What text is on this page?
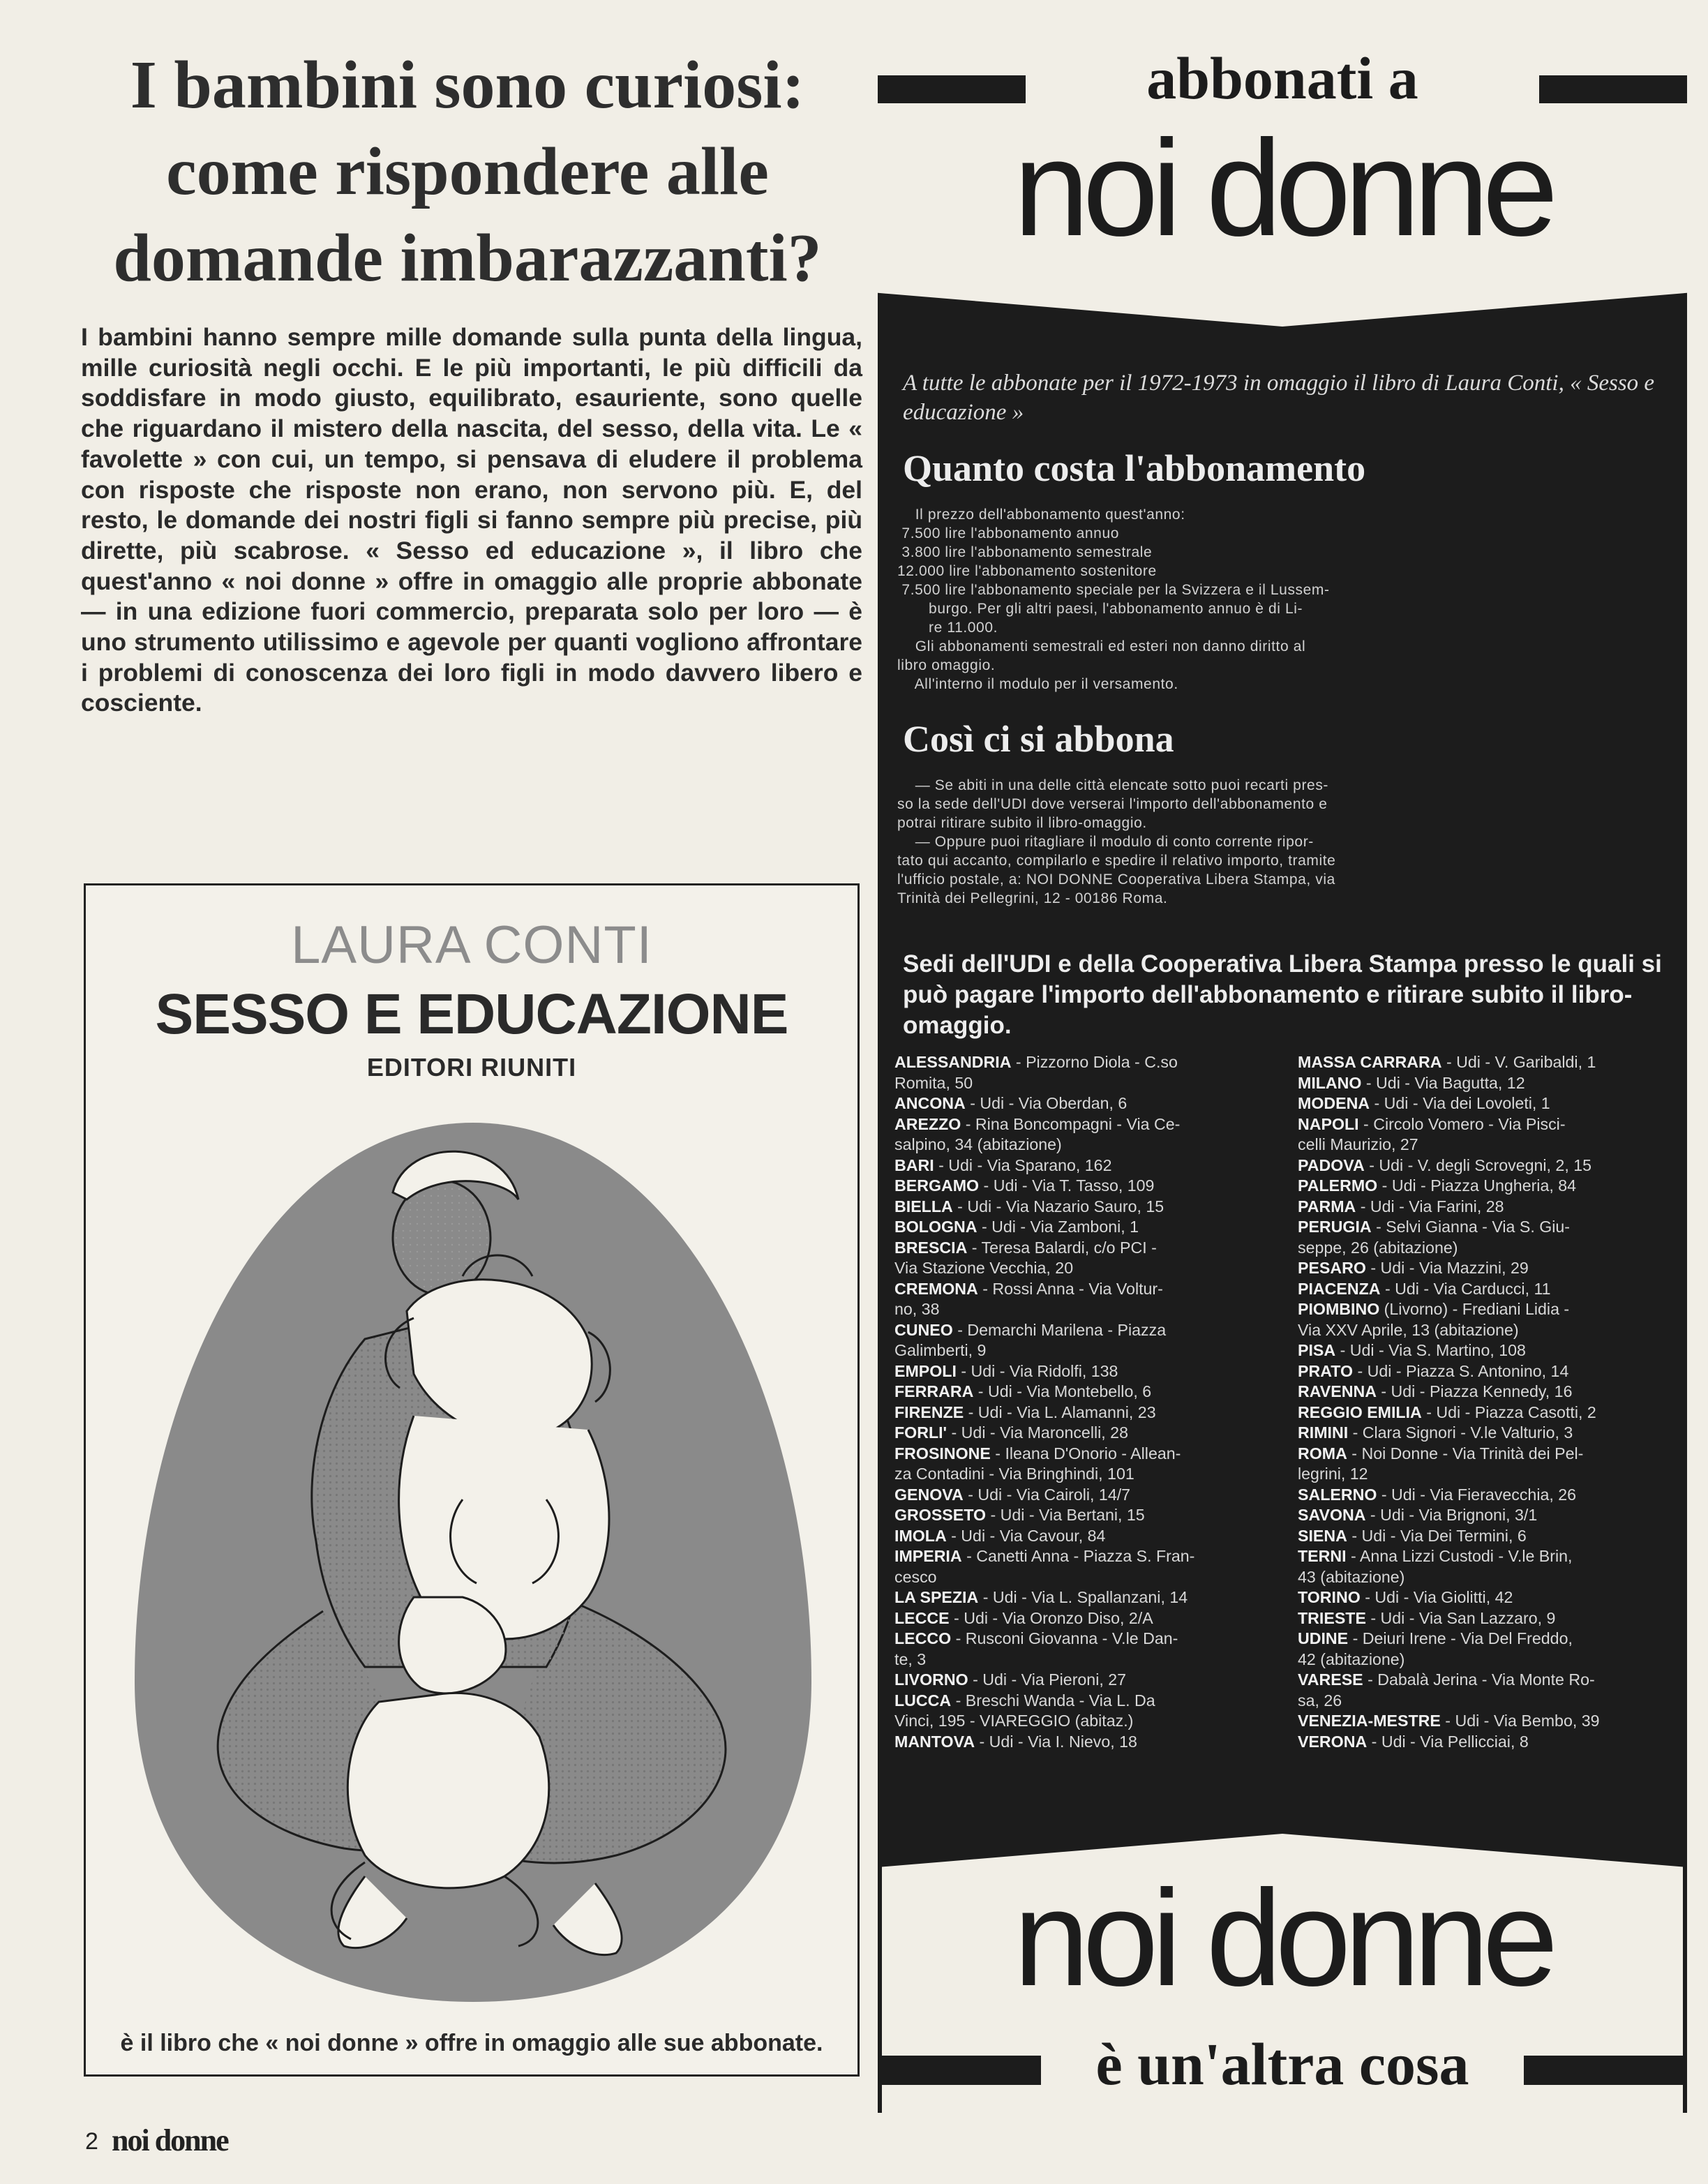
I bambini sono curiosi:
come rispondere alle
domande imbarazzanti?

I bambini hanno sempre mille domande sulla punta della lingua, mille curiosità negli occhi. E le più importanti, le più difficili da soddisfare in modo giusto, equilibrato, esauriente, sono quelle che riguardano il mistero della nascita, del sesso, della vita. Le « favolette » con cui, un tempo, si pensava di eludere il problema con risposte che risposte non erano, non servono più. E, del resto, le domande dei nostri figli si fanno sempre più precise, più dirette, più scabrose. « Sesso ed educazione », il libro che quest'anno « noi donne » offre in omaggio alle proprie abbonate — in una edizione fuori commercio, preparata solo per loro — è uno strumento utilissimo e agevole per quanti vogliono affrontare i problemi di conoscenza dei loro figli in modo davvero libero e cosciente.

LAURA CONTI
SESSO E EDUCAZIONE
EDITORI RIUNITI
è il libro che « noi donne » offre in omaggio alle sue abbonate.
2 noi donne
abbonati a
noi donne

A tutte le abbonate per il 1972-1973 in omaggio il libro di Laura Conti, « Sesso e educazione »

Quanto costa l'abbonamento

Il prezzo dell'abbonamento quest'anno:

7.500 lire l'abbonamento annuo

3.800 lire l'abbonamento semestrale

12.000 lire l'abbonamento sostenitore

7.500 lire l'abbonamento speciale per la Svizzera e il Lussem-

burgo. Per gli altri paesi, l'abbonamento annuo è di Li-

re 11.000.

Gli abbonamenti semestrali ed esteri non danno diritto al

libro omaggio.

All'interno il modulo per il versamento.

Così ci si abbona

— Se abiti in una delle città elencate sotto puoi recarti pres-

so la sede dell'UDI dove verserai l'importo dell'abbonamento e

potrai ritirare subito il libro-omaggio.

— Oppure puoi ritagliare il modulo di conto corrente ripor-

tato qui accanto, compilarlo e spedire il relativo importo, tramite

l'ufficio postale, a: NOI DONNE Cooperativa Libera Stampa, via

Trinità dei Pellegrini, 12 - 00186 Roma.

Sedi dell'UDI e della Cooperativa Libera Stampa presso le quali si può pagare l'importo dell'abbonamento e ritirare subito il libro-omaggio.

ALESSANDRIA - Pizzorno Diola - C.so

Romita, 50

ANCONA - Udi - Via Oberdan, 6

AREZZO - Rina Boncompagni - Via Ce-

salpino, 34 (abitazione)

BARI - Udi - Via Sparano, 162

BERGAMO - Udi - Via T. Tasso, 109

BIELLA - Udi - Via Nazario Sauro, 15

BOLOGNA - Udi - Via Zamboni, 1

BRESCIA - Teresa Balardi, c/o PCI -

Via Stazione Vecchia, 20

CREMONA - Rossi Anna - Via Voltur-

no, 38

CUNEO - Demarchi Marilena - Piazza

Galimberti, 9

EMPOLI - Udi - Via Ridolfi, 138

FERRARA - Udi - Via Montebello, 6

FIRENZE - Udi - Via L. Alamanni, 23

FORLI' - Udi - Via Maroncelli, 28

FROSINONE - Ileana D'Onorio - Allean-

za Contadini - Via Bringhindi, 101

GENOVA - Udi - Via Cairoli, 14/7

GROSSETO - Udi - Via Bertani, 15

IMOLA - Udi - Via Cavour, 84

IMPERIA - Canetti Anna - Piazza S. Fran-

cesco

LA SPEZIA - Udi - Via L. Spallanzani, 14

LECCE - Udi - Via Oronzo Diso, 2/A

LECCO - Rusconi Giovanna - V.le Dan-

te, 3

LIVORNO - Udi - Via Pieroni, 27

LUCCA - Breschi Wanda - Via L. Da

Vinci, 195 - VIAREGGIO (abitaz.)

MANTOVA - Udi - Via I. Nievo, 18

MASSA CARRARA - Udi - V. Garibaldi, 1

MILANO - Udi - Via Bagutta, 12

MODENA - Udi - Via dei Lovoleti, 1

NAPOLI - Circolo Vomero - Via Pisci-

celli Maurizio, 27

PADOVA - Udi - V. degli Scrovegni, 2, 15

PALERMO - Udi - Piazza Ungheria, 84

PARMA - Udi - Via Farini, 28

PERUGIA - Selvi Gianna - Via S. Giu-

seppe, 26 (abitazione)

PESARO - Udi - Via Mazzini, 29

PIACENZA - Udi - Via Carducci, 11

PIOMBINO (Livorno) - Frediani Lidia -

Via XXV Aprile, 13 (abitazione)

PISA - Udi - Via S. Martino, 108

PRATO - Udi - Piazza S. Antonino, 14

RAVENNA - Udi - Piazza Kennedy, 16

REGGIO EMILIA - Udi - Piazza Casotti, 2

RIMINI - Clara Signori - V.le Valturio, 3

ROMA - Noi Donne - Via Trinità dei Pel-

legrini, 12

SALERNO - Udi - Via Fieravecchia, 26

SAVONA - Udi - Via Brignoni, 3/1

SIENA - Udi - Via Dei Termini, 6

TERNI - Anna Lizzi Custodi - V.le Brin,

43 (abitazione)

TORINO - Udi - Via Giolitti, 42

TRIESTE - Udi - Via San Lazzaro, 9

UDINE - Deiuri Irene - Via Del Freddo,

42 (abitazione)

VARESE - Dabalà Jerina - Via Monte Ro-

sa, 26

VENEZIA-MESTRE - Udi - Via Bembo, 39

VERONA - Udi - Via Pellicciai, 8

noi donne
è un'altra cosa
